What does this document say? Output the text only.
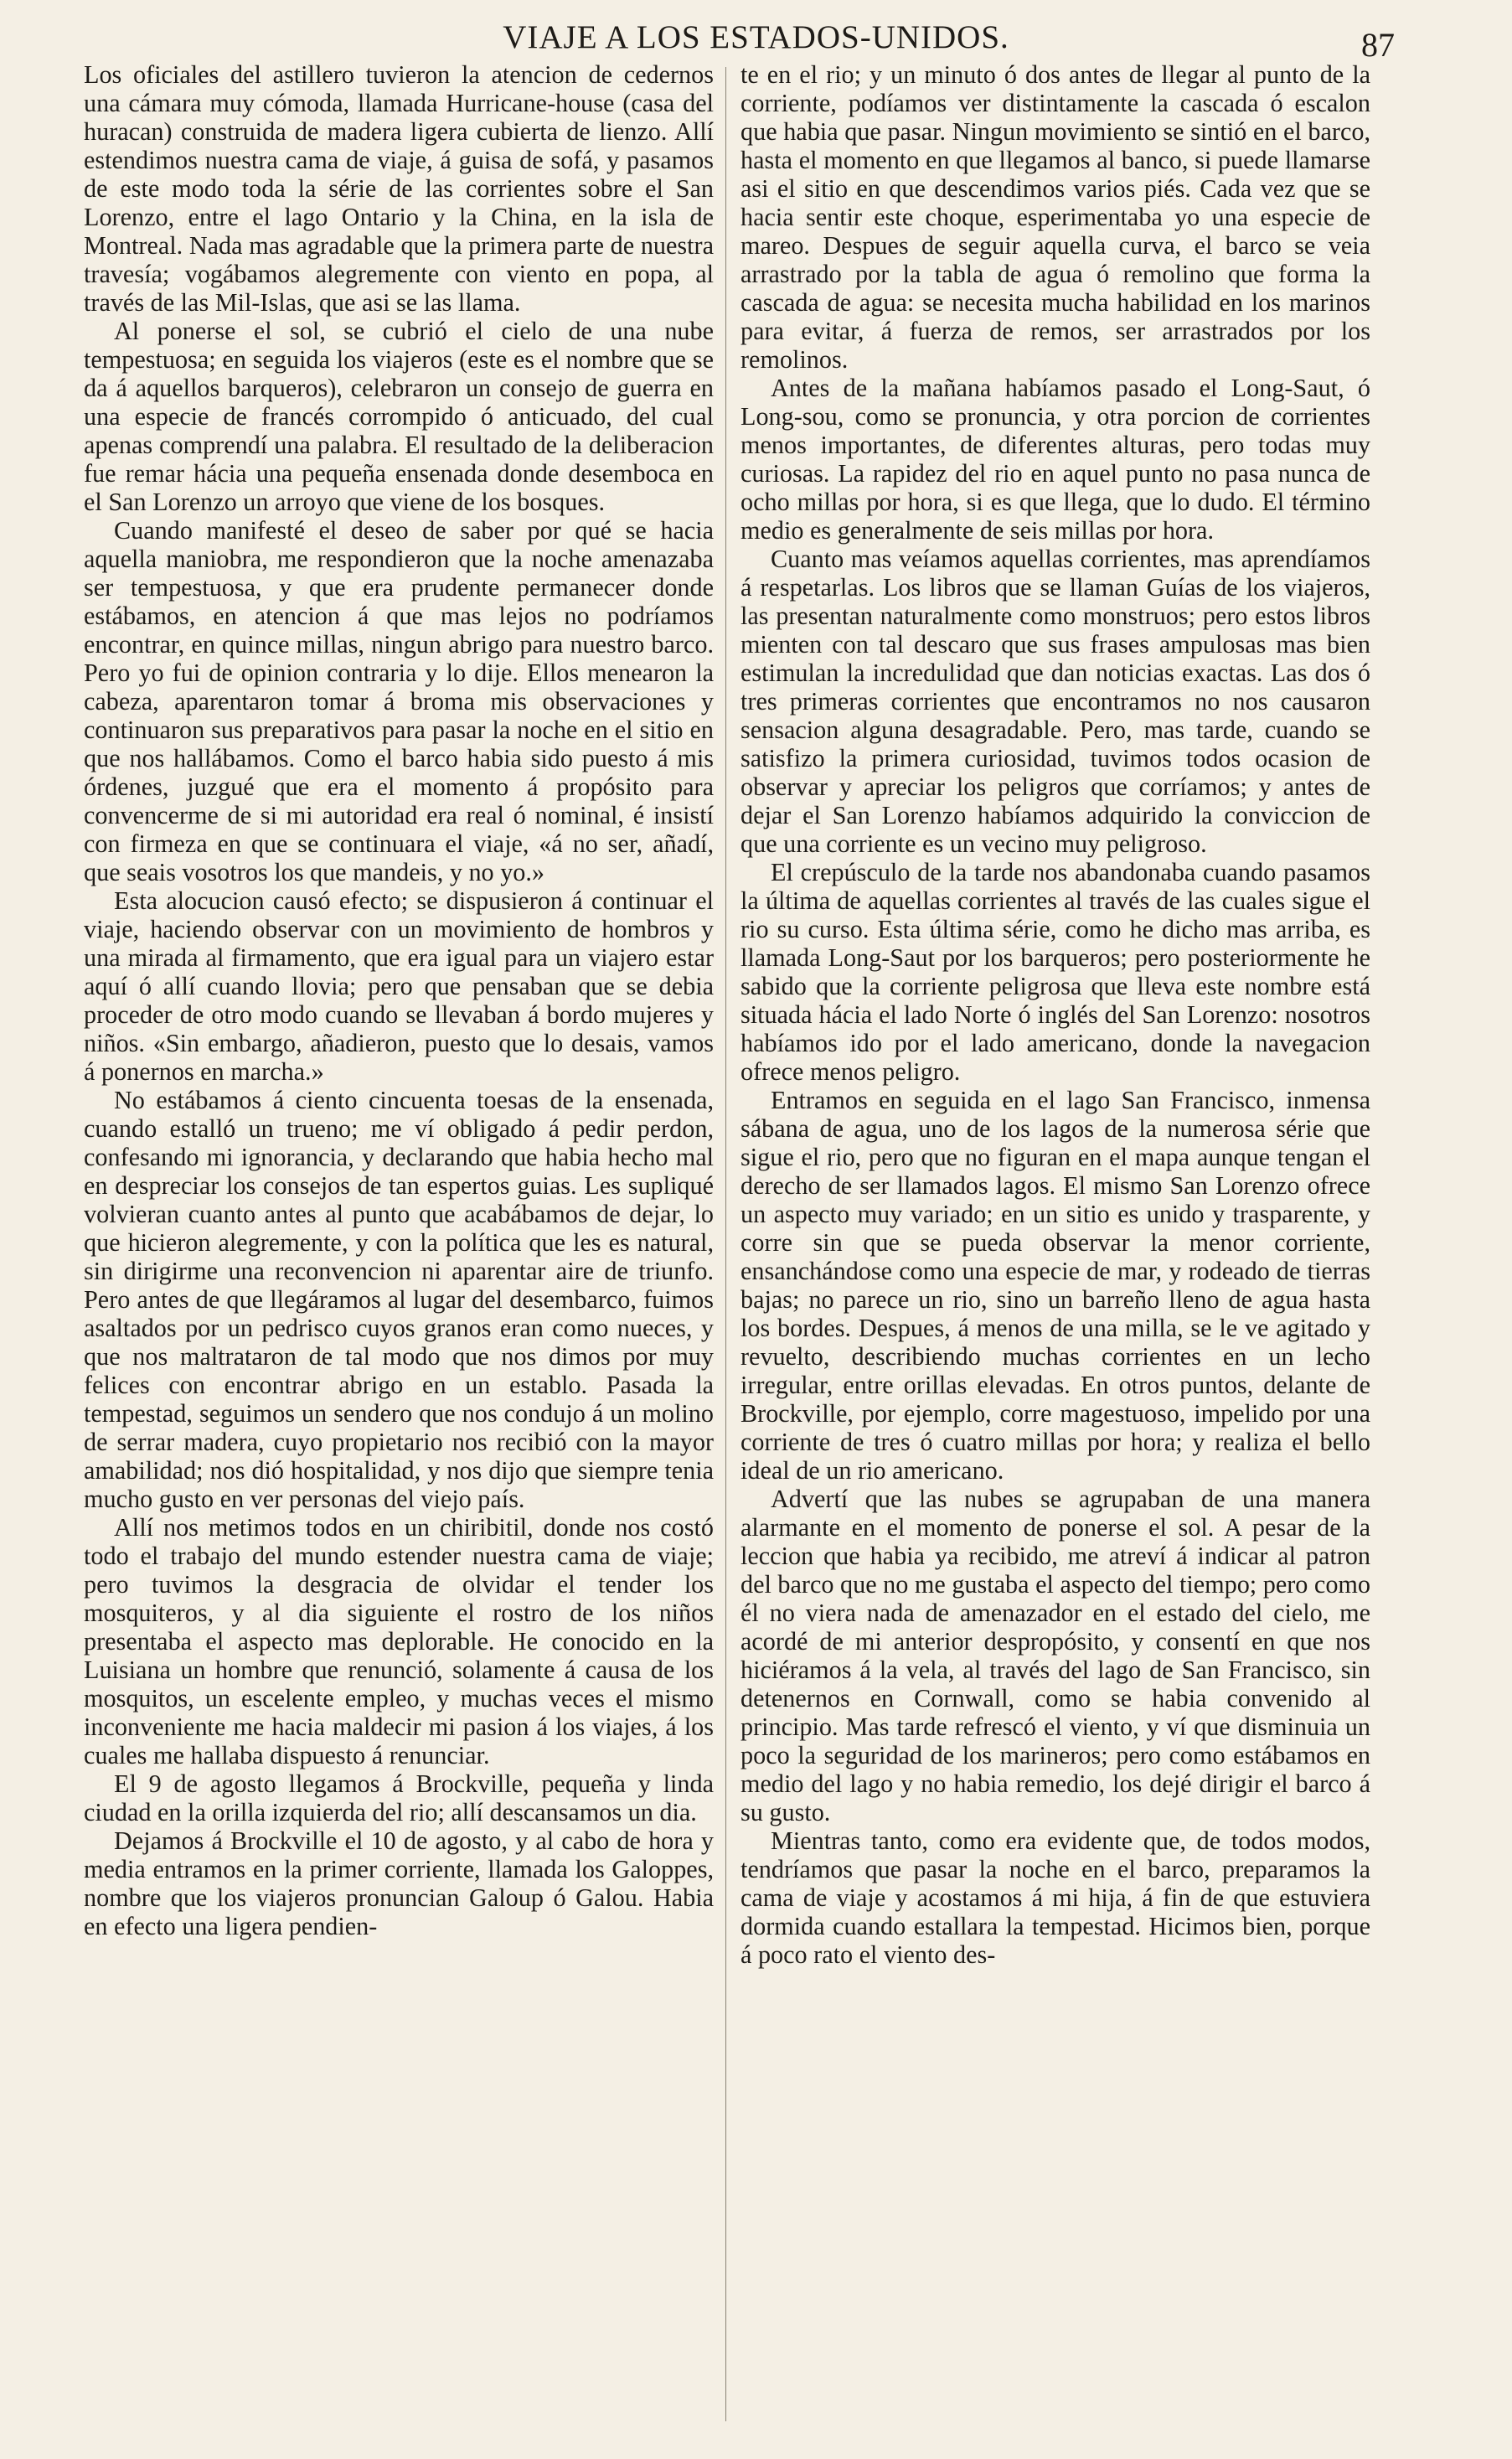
VIAJE A LOS ESTADOS-UNIDOS.	87

Los oficiales del astillero tuvieron la atencion de cedernos una cámara muy cómoda, llamada Hurricane-house (casa del huracan) construida de madera ligera cubierta de lienzo. Allí estendimos nuestra cama de viaje, á guisa de sofá, y pasamos de este modo toda la série de las corrientes sobre el San Lorenzo, entre el lago Ontario y la China, en la isla de Montreal. Nada mas agradable que la primera parte de nuestra travesía; vogábamos alegremente con viento en popa, al través de las Mil-Islas, que asi se las llama.

Al ponerse el sol, se cubrió el cielo de una nube tempestuosa; en seguida los viajeros (este es el nombre que se da á aquellos barqueros), celebraron un consejo de guerra en una especie de francés corrompido ó anticuado, del cual apenas comprendí una palabra. El resultado de la deliberacion fue remar hácia una pequeña ensenada donde desemboca en el San Lorenzo un arroyo que viene de los bosques.

Cuando manifesté el deseo de saber por qué se hacia aquella maniobra, me respondieron que la noche amenazaba ser tempestuosa, y que era prudente permanecer donde estábamos, en atencion á que mas lejos no podríamos encontrar, en quince millas, ningun abrigo para nuestro barco. Pero yo fui de opinion contraria y lo dije. Ellos menearon la cabeza, aparentaron tomar á broma mis observaciones y continuaron sus preparativos para pasar la noche en el sitio en que nos hallábamos. Como el barco habia sido puesto á mis órdenes, juzgué que era el momento á propósito para convencerme de si mi autoridad era real ó nominal, é insistí con firmeza en que se continuara el viaje, «á no ser, añadí, que seais vosotros los que mandeis, y no yo.»

Esta alocucion causó efecto; se dispusieron á continuar el viaje, haciendo observar con un movimiento de hombros y una mirada al firmamento, que era igual para un viajero estar aquí ó allí cuando llovia; pero que pensaban que se debia proceder de otro modo cuando se llevaban á bordo mujeres y niños. «Sin embargo, añadieron, puesto que lo desais, vamos á ponernos en marcha.»

No estábamos á ciento cincuenta toesas de la ensenada, cuando estalló un trueno; me ví obligado á pedir perdon, confesando mi ignorancia, y declarando que habia hecho mal en despreciar los consejos de tan espertos guias. Les supliqué volvieran cuanto antes al punto que acabábamos de dejar, lo que hicieron alegremente, y con la política que les es natural, sin dirigirme una reconvencion ni aparentar aire de triunfo. Pero antes de que llegáramos al lugar del desembarco, fuimos asaltados por un pedrisco cuyos granos eran como nueces, y que nos maltrataron de tal modo que nos dimos por muy felices con encontrar abrigo en un establo. Pasada la tempestad, seguimos un sendero que nos condujo á un molino de serrar madera, cuyo propietario nos recibió con la mayor amabilidad; nos dió hospitalidad, y nos dijo que siempre tenia mucho gusto en ver personas del viejo país.

Allí nos metimos todos en un chiribitil, donde nos costó todo el trabajo del mundo estender nuestra cama de viaje; pero tuvimos la desgracia de olvidar el tender los mosquiteros, y al dia siguiente el rostro de los niños presentaba el aspecto mas deplorable. He conocido en la Luisiana un hombre que renunció, solamente á causa de los mosquitos, un escelente empleo, y muchas veces el mismo inconveniente me hacia maldecir mi pasion á los viajes, á los cuales me hallaba dispuesto á renunciar.

El 9 de agosto llegamos á Brockville, pequeña y linda ciudad en la orilla izquierda del rio; allí descansamos un dia.

Dejamos á Brockville el 10 de agosto, y al cabo de hora y media entramos en la primer corriente, llamada los Galoppes, nombre que los viajeros pronuncian Galoup ó Galou. Habia en efecto una ligera pendien-

te en el rio; y un minuto ó dos antes de llegar al punto de la corriente, podíamos ver distintamente la cascada ó escalon que habia que pasar. Ningun movimiento se sintió en el barco, hasta el momento en que llegamos al banco, si puede llamarse asi el sitio en que descendimos varios piés. Cada vez que se hacia sentir este choque, esperimentaba yo una especie de mareo. Despues de seguir aquella curva, el barco se veia arrastrado por la tabla de agua ó remolino que forma la cascada de agua: se necesita mucha habilidad en los marinos para evitar, á fuerza de remos, ser arrastrados por los remolinos.

Antes de la mañana habíamos pasado el Long-Saut, ó Long-sou, como se pronuncia, y otra porcion de corrientes menos importantes, de diferentes alturas, pero todas muy curiosas. La rapidez del rio en aquel punto no pasa nunca de ocho millas por hora, si es que llega, que lo dudo. El término medio es generalmente de seis millas por hora.

Cuanto mas veíamos aquellas corrientes, mas aprendíamos á respetarlas. Los libros que se llaman Guías de los viajeros, las presentan naturalmente como monstruos; pero estos libros mienten con tal descaro que sus frases ampulosas mas bien estimulan la incredulidad que dan noticias exactas. Las dos ó tres primeras corrientes que encontramos no nos causaron sensacion alguna desagradable. Pero, mas tarde, cuando se satisfizo la primera curiosidad, tuvimos todos ocasion de observar y apreciar los peligros que corríamos; y antes de dejar el San Lorenzo habíamos adquirido la conviccion de que una corriente es un vecino muy peligroso.

El crepúsculo de la tarde nos abandonaba cuando pasamos la última de aquellas corrientes al través de las cuales sigue el rio su curso. Esta última série, como he dicho mas arriba, es llamada Long-Saut por los barqueros; pero posteriormente he sabido que la corriente peligrosa que lleva este nombre está situada hácia el lado Norte ó inglés del San Lorenzo: nosotros habíamos ido por el lado americano, donde la navegacion ofrece menos peligro.

Entramos en seguida en el lago San Francisco, inmensa sábana de agua, uno de los lagos de la numerosa série que sigue el rio, pero que no figuran en el mapa aunque tengan el derecho de ser llamados lagos. El mismo San Lorenzo ofrece un aspecto muy variado; en un sitio es unido y trasparente, y corre sin que se pueda observar la menor corriente, ensanchándose como una especie de mar, y rodeado de tierras bajas; no parece un rio, sino un barreño lleno de agua hasta los bordes. Despues, á menos de una milla, se le ve agitado y revuelto, describiendo muchas corrientes en un lecho irregular, entre orillas elevadas. En otros puntos, delante de Brockville, por ejemplo, corre magestuoso, impelido por una corriente de tres ó cuatro millas por hora; y realiza el bello ideal de un rio americano.

Advertí que las nubes se agrupaban de una manera alarmante en el momento de ponerse el sol. A pesar de la leccion que habia ya recibido, me atreví á indicar al patron del barco que no me gustaba el aspecto del tiempo; pero como él no viera nada de amenazador en el estado del cielo, me acordé de mi anterior despropósito, y consentí en que nos hiciéramos á la vela, al través del lago de San Francisco, sin detenernos en Cornwall, como se habia convenido al principio. Mas tarde refrescó el viento, y ví que disminuia un poco la seguridad de los marineros; pero como estábamos en medio del lago y no habia remedio, los dejé dirigir el barco á su gusto.

Mientras tanto, como era evidente que, de todos modos, tendríamos que pasar la noche en el barco, preparamos la cama de viaje y acostamos á mi hija, á fin de que estuviera dormida cuando estallara la tempestad. Hicimos bien, porque á poco rato el viento des-
